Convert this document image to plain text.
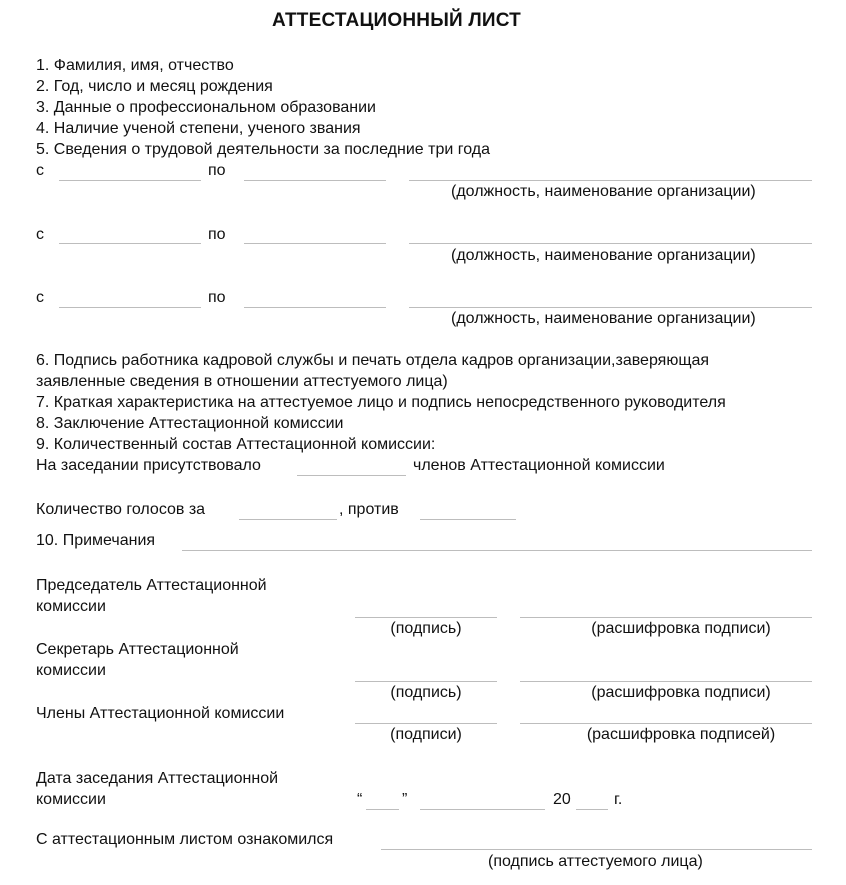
АТТЕСТАЦИОННЫЙ ЛИСТ
1. Фамилия, имя, отчество
2. Год, число и месяц рождения
3. Данные о профессиональном образовании
4. Наличие ученой степени, ученого звания
5. Сведения о трудовой деятельности за последние три года
с	по
(должность, наименование организации)
с	по
(должность, наименование организации)
с	по
(должность, наименование организации)
6. Подпись работника кадровой службы и печать отдела кадров организации,заверяющая
заявленные сведения в отношении аттестуемого лица)
7. Краткая характеристика на аттестуемое лицо и подпись непосредственного руководителя
8. Заключение Аттестационной комиссии
9. Количественный состав Аттестационной комиссии:
На заседании присутствовало	членов Аттестационной комиссии
Количество голосов за	, против
10. Примечания
Председатель Аттестационной
комиссии
(подпись)	(расшифровка подписи)
Секретарь Аттестационной
комиссии
(подпись)	(расшифровка подписи)
Члены Аттестационной комиссии
(подписи)	(расшифровка подписей)
Дата заседания Аттестационной
комиссии	“ ”	20	г.
С аттестационным листом ознакомился
(подпись аттестуемого лица)
